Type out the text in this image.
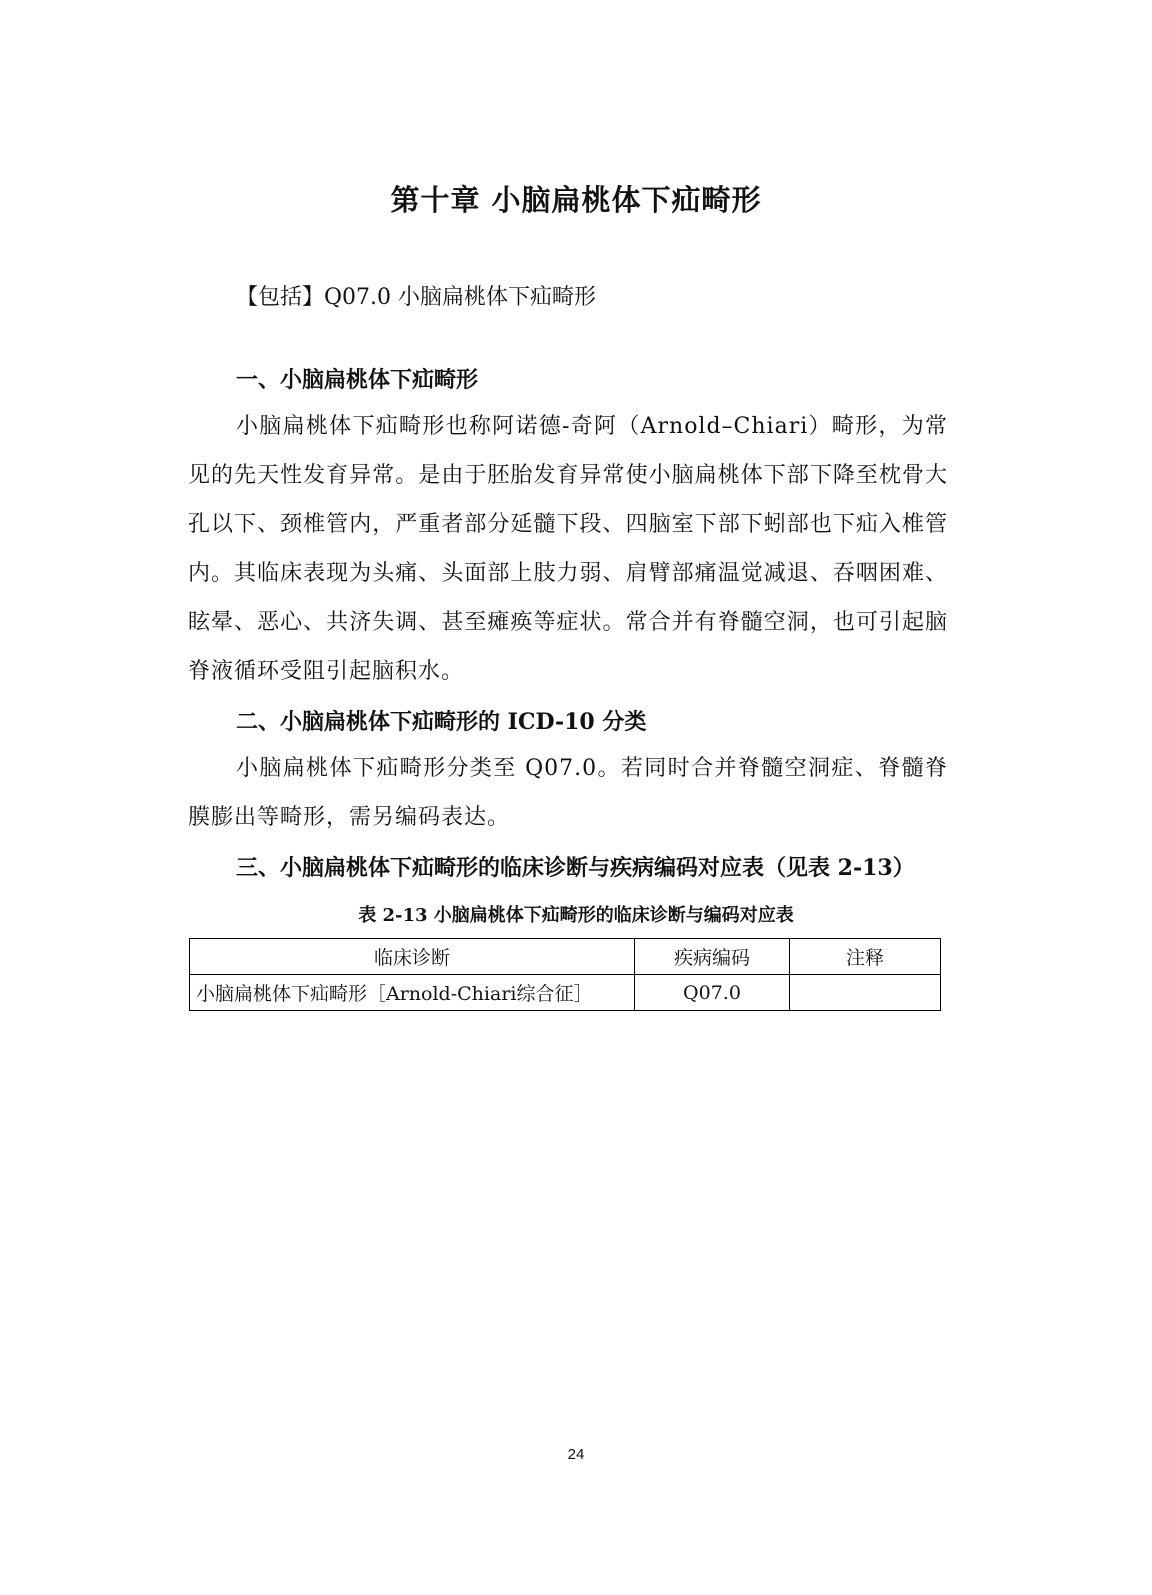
第十章 小脑扁桃体下疝畸形
【包括】Q07.0 小脑扁桃体下疝畸形
一、小脑扁桃体下疝畸形
小脑扁桃体下疝畸形也称阿诺德-奇阿（Arnold–Chiari）畸形，为常见的先天性发育异常。是由于胚胎发育异常使小脑扁桃体下部下降至枕骨大孔以下、颈椎管内，严重者部分延髓下段、四脑室下部下蚓部也下疝入椎管内。其临床表现为头痛、头面部上肢力弱、肩臂部痛温觉减退、吞咽困难、眩晕、恶心、共济失调、甚至瘫痪等症状。常合并有脊髓空洞，也可引起脑脊液循环受阻引起脑积水。
二、小脑扁桃体下疝畸形的 ICD-10 分类
小脑扁桃体下疝畸形分类至 Q07.0。若同时合并脊髓空洞症、脊髓脊膜膨出等畸形，需另编码表达。
三、小脑扁桃体下疝畸形的临床诊断与疾病编码对应表（见表 2-13）
表 2-13 小脑扁桃体下疝畸形的临床诊断与编码对应表
临床诊断	疾病编码	注释
小脑扁桃体下疝畸形［Arnold-Chiari综合征］	Q07.0	
24
